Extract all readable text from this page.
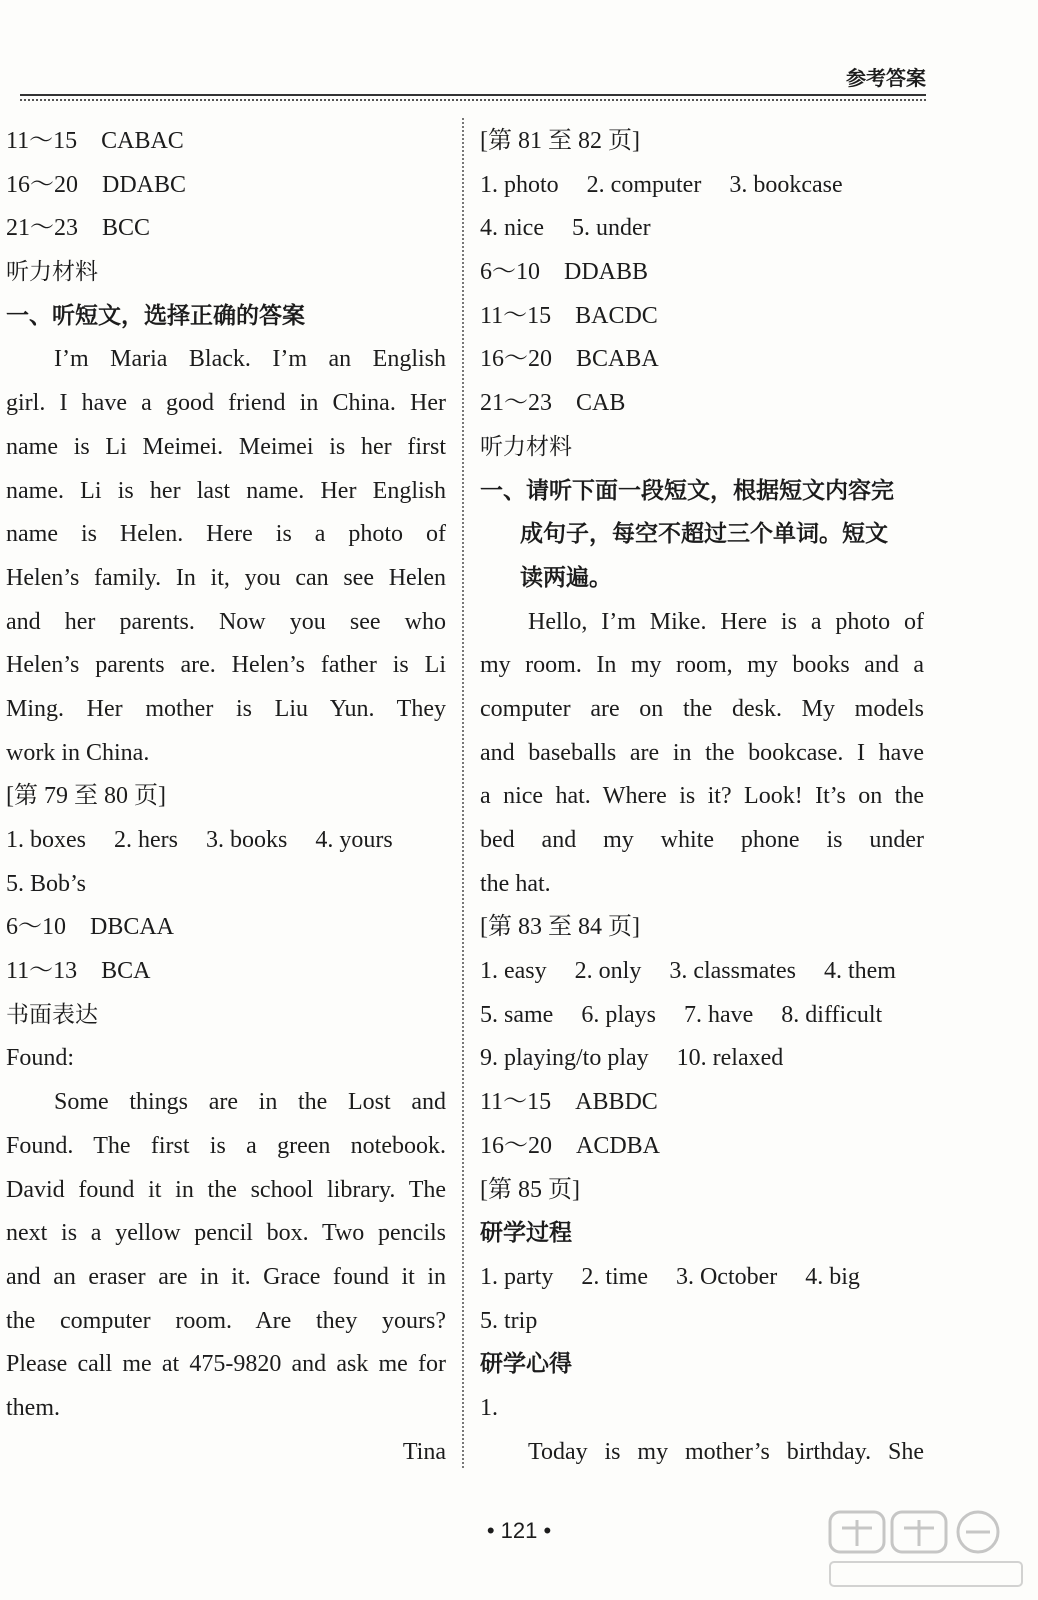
参考答案
11～15　CABAC
16～20　DDABC
21～23　BCC
听力材料
一、听短文，选择正确的答案
I’m Maria Black. I’m an English
girl. I have a good friend in China. Her
name is Li Meimei. Meimei is her first
name. Li is her last name. Her English
name is Helen. Here is a photo of
Helen’s family. In it, you can see Helen
and her parents. Now you see who
Helen’s parents are. Helen’s father is Li
Ming. Her mother is Liu Yun. They
work in China.
[第 79 至 80 页]
1. boxes 2. hers 3. books 4. yours
5. Bob’s
6～10　DBCAA
11～13　BCA
书面表达
Found:
Some things are in the Lost and
Found. The first is a green notebook.
David found it in the school library. The
next is a yellow pencil box. Two pencils
and an eraser are in it. Grace found it in
the computer room. Are they yours?
Please call me at 475-9820 and ask me for
them.
Tina
[第 81 至 82 页]
1. photo 2. computer 3. bookcase
4. nice 5. under
6～10　DDABB
11～15　BACDC
16～20　BCABA
21～23　CAB
听力材料
一、请听下面一段短文，根据短文内容完
成句子，每空不超过三个单词。短文
读两遍。
Hello, I’m Mike. Here is a photo of
my room. In my room, my books and a
computer are on the desk. My models
and baseballs are in the bookcase. I have
a nice hat. Where is it? Look! It’s on the
bed and my white phone is under
the hat.
[第 83 至 84 页]
1. easy 2. only 3. classmates 4. them
5. same 6. plays 7. have 8. difficult
9. playing/to play 10. relaxed
11～15　ABBDC
16～20　ACDBA
[第 85 页]
研学过程
1. party 2. time 3. October 4. big
5. trip
研学心得
1.
Today is my mother’s birthday. She
• 121 •
